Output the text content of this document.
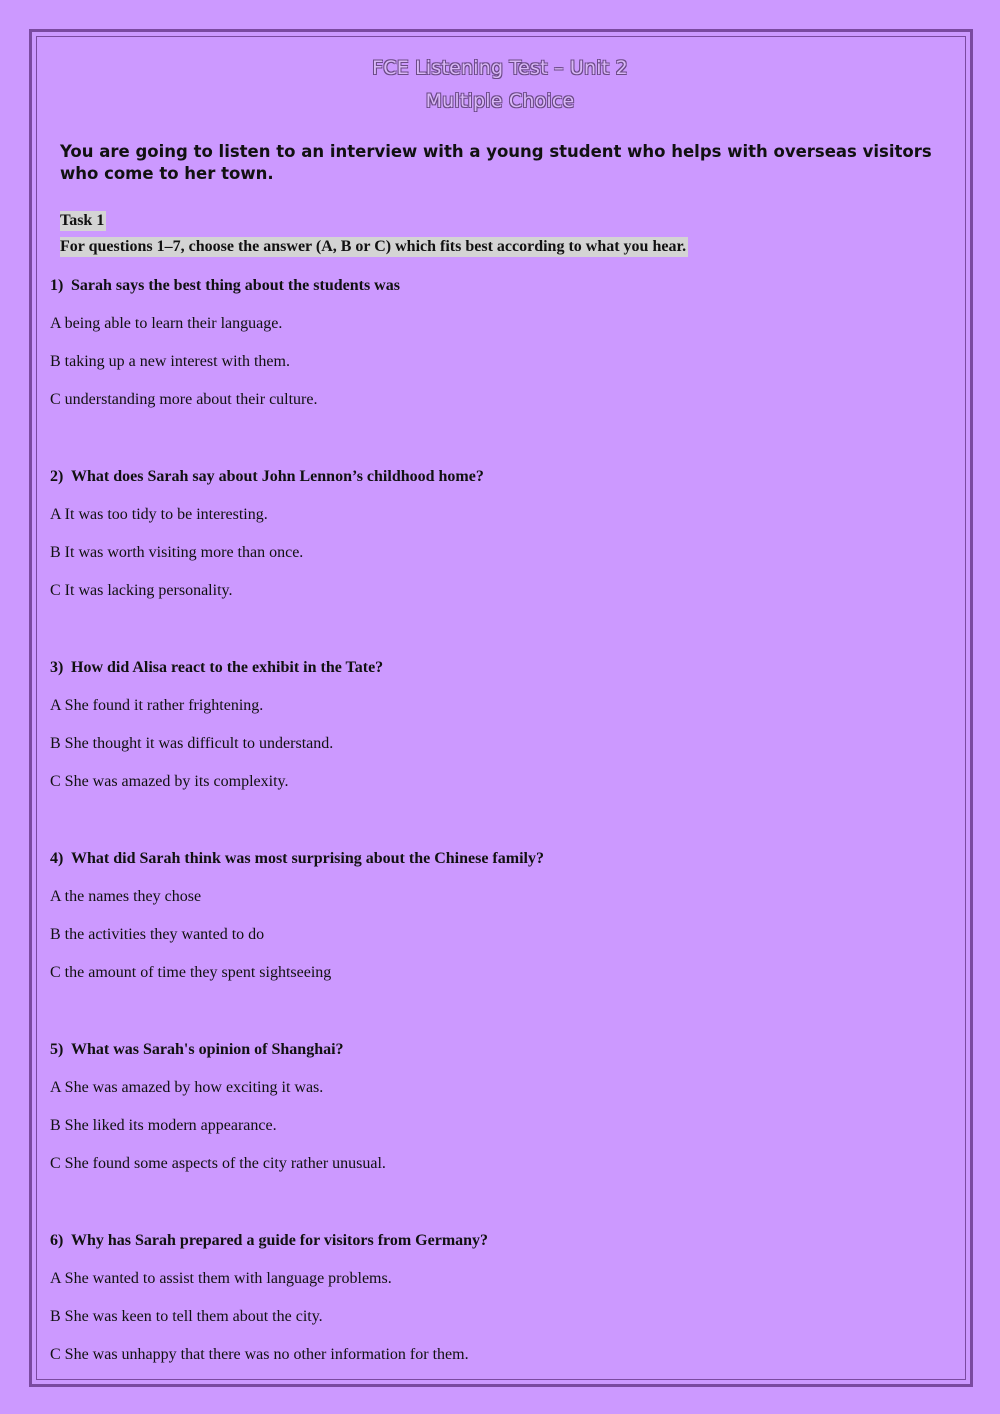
FCE Listening Test – Unit 2
Multiple Choice
You are going to listen to an interview with a young student who helps with overseas visitors who come to her town.
Task 1
For questions 1–7, choose the answer (A, B or C) which fits best according to what you hear.
1) Sarah says the best thing about the students was
A being able to learn their language.
B taking up a new interest with them.
C understanding more about their culture.
2) What does Sarah say about John Lennon’s childhood home?
A It was too tidy to be interesting.
B It was worth visiting more than once.
C It was lacking personality.
3) How did Alisa react to the exhibit in the Tate?
A She found it rather frightening.
B She thought it was difficult to understand.
C She was amazed by its complexity.
4) What did Sarah think was most surprising about the Chinese family?
A the names they chose
B the activities they wanted to do
C the amount of time they spent sightseeing
5) What was Sarah's opinion of Shanghai?
A She was amazed by how exciting it was.
B She liked its modern appearance.
C She found some aspects of the city rather unusual.
6) Why has Sarah prepared a guide for visitors from Germany?
A She wanted to assist them with language problems.
B She was keen to tell them about the city.
C She was unhappy that there was no other information for them.
